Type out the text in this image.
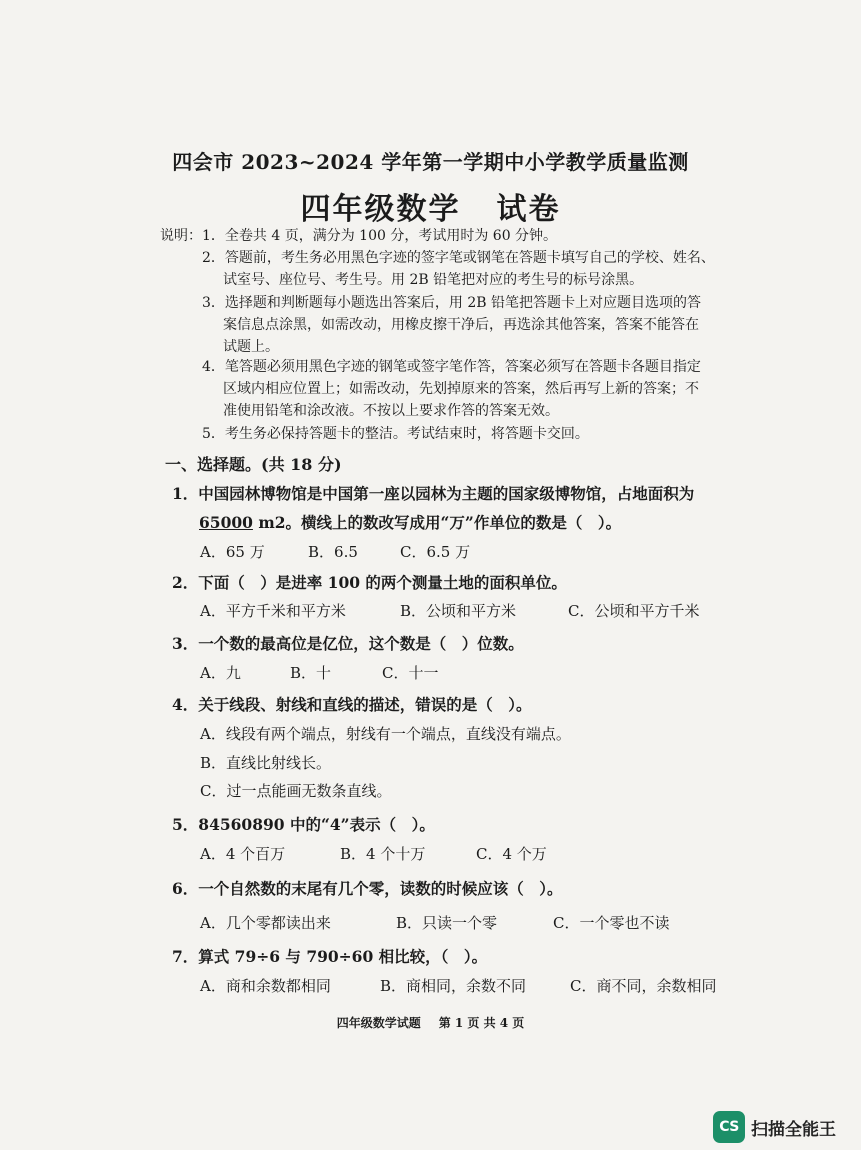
四会市 2023~2024 学年第一学期中小学教学质量监测
四年级数学 试卷
说明： 1．全卷共 4 页，满分为 100 分，考试用时为 60 分钟。
2．答题前，考生务必用黑色字迹的签字笔或钢笔在答题卡填写自己的学校、姓名、
试室号、座位号、考生号。用 2B 铅笔把对应的考生号的标号涂黑。
3．选择题和判断题每小题选出答案后，用 2B 铅笔把答题卡上对应题目选项的答
案信息点涂黑，如需改动，用橡皮擦干净后，再选涂其他答案，答案不能答在
试题上。
4．笔答题必须用黑色字迹的钢笔或签字笔作答，答案必须写在答题卡各题目指定
区域内相应位置上；如需改动，先划掉原来的答案，然后再写上新的答案；不
准使用铅笔和涂改液。不按以上要求作答的答案无效。
5．考生务必保持答题卡的整洁。考试结束时，将答题卡交回。
一、选择题。(共 18 分)
1．中国园林博物馆是中国第一座以园林为主题的国家级博物馆，占地面积为
65000 m2。横线上的数改写成用“万”作单位的数是（　）。
A．65 万	B．6.5	C．6.5 万
2．下面（　）是进率 100 的两个测量土地的面积单位。
A．平方千米和平方米	B．公顷和平方米	C．公顷和平方千米
3．一个数的最高位是亿位，这个数是（　）位数。
A．九	B．十	C．十一
4．关于线段、射线和直线的描述，错误的是（　）。
A．线段有两个端点，射线有一个端点，直线没有端点。
B．直线比射线长。
C．过一点能画无数条直线。
5．84560890 中的“4”表示（　）。
A．4 个百万	B．4 个十万	C．4 个万
6．一个自然数的末尾有几个零，读数的时候应该（　）。
A．几个零都读出来	B．只读一个零	C．一个零也不读
7．算式 79÷6 与 790÷60 相比较，（　）。
A．商和余数都相同	B．商相同，余数不同	C．商不同，余数相同
四年级数学试题 第 1 页 共 4 页
CS 扫描全能王
